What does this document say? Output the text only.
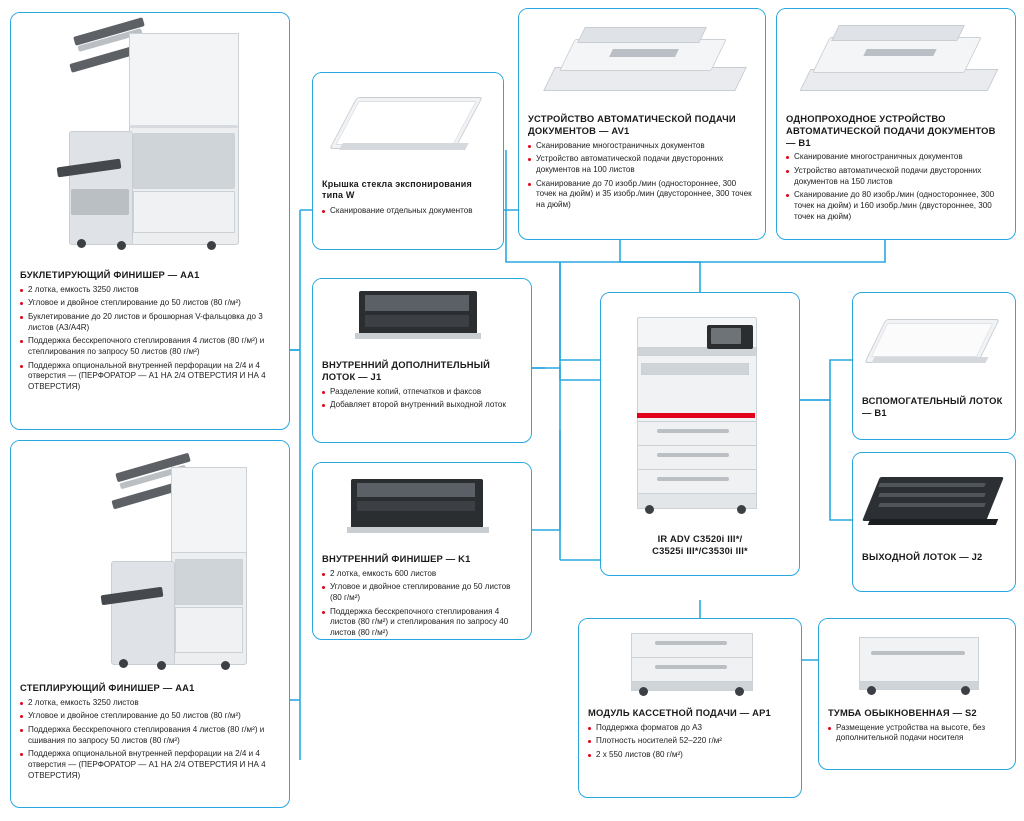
БУКЛЕТИРУЮЩИЙ ФИНИШЕР — AA1
2 лотка, емкость 3250 листов
Угловое и двойное степлирование до 50 листов (80 г/м²)
Буклетирование до 20 листов и брошюрная V-фальцовка до 3 листов (A3/A4R)
Поддержка бесскрепочного степлирования 4 листов (80 г/м²) и степлирования по запросу 50 листов (80 г/м²)
Поддержка опциональной внутренней перфорации на 2/4 и 4 отверстия — (ПЕРФОРАТОР — A1 НА 2/4 ОТВЕРСТИЯ И НА 4 ОТВЕРСТИЯ)
СТЕПЛИРУЮЩИЙ ФИНИШЕР — AA1
2 лотка, емкость 3250 листов
Угловое и двойное степлирование до 50 листов (80 г/м²)
Поддержка бесскрепочного степлирования 4 листов (80 г/м²) и сшивания по запросу 50 листов (80 г/м²)
Поддержка опциональной внутренней перфорации на 2/4 и 4 отверстия — (ПЕРФОРАТОР — A1 НА 2/4 ОТВЕРСТИЯ И НА 4 ОТВЕРСТИЯ)
Крышка стекла экспонирования типа W
Сканирование отдельных документов
УСТРОЙСТВО АВТОМАТИЧЕСКОЙ ПОДАЧИ ДОКУМЕНТОВ — AV1
Сканирование многостраничных документов
Устройство автоматической подачи двусторонних документов на 100 листов
Сканирование до 70 изобр./мин (одностороннее, 300 точек на дюйм) и 35 изобр./мин (двустороннее, 300 точек на дюйм)
ОДНОПРОХОДНОЕ УСТРОЙСТВО АВТОМАТИЧЕСКОЙ ПОДАЧИ ДОКУМЕНТОВ — B1
Сканирование многостраничных документов
Устройство автоматической подачи двусторонних документов на 150 листов
Сканирование до 80 изобр./мин (одностороннее, 300 точек на дюйм) и 160 изобр./мин (двустороннее, 300 точек на дюйм)
ВНУТРЕННИЙ ДОПОЛНИТЕЛЬНЫЙ ЛОТОК — J1
Разделение копий, отпечатков и факсов
Добавляет второй внутренний выходной лоток
ВНУТРЕННИЙ ФИНИШЕР — K1
2 лотка, емкость 600 листов
Угловое и двойное степлирование до 50 листов (80 г/м²)
Поддержка бесскрепочного степлирования 4 листов (80 г/м²) и степлирования по запросу 40 листов (80 г/м²)
IR ADV C3520i III*/
C3525i III*/C3530i III*
ВСПОМОГАТЕЛЬНЫЙ ЛОТОК — B1
ВЫХОДНОЙ ЛОТОК — J2
МОДУЛЬ КАССЕТНОЙ ПОДАЧИ — AP1
Поддержка форматов до A3
Плотность носителей 52–220 г/м²
2 x 550 листов (80 г/м²)
ТУМБА ОБЫКНОВЕННАЯ — S2
Размещение устройства на высоте, без дополнительной подачи носителя
